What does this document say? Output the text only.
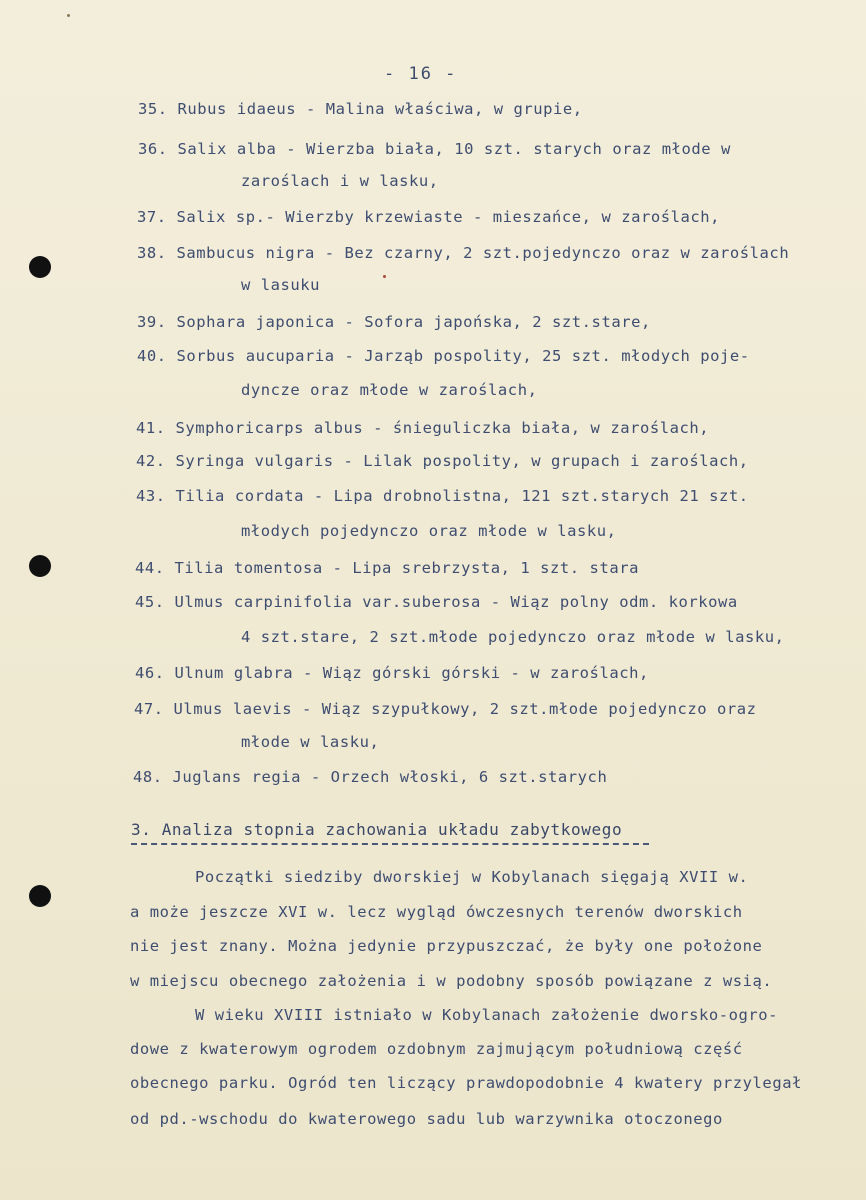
- 16 -
35. Rubus idaeus - Malina właściwa, w grupie,
36. Salix alba - Wierzba biała, 10 szt. starych oraz młode w
zaroślach i w lasku,
37. Salix sp.- Wierzby krzewiaste - mieszańce, w zaroślach,
38. Sambucus nigra - Bez czarny, 2 szt.pojedynczo oraz w zaroślach
w lasuku
39. Sophara japonica - Sofora japońska, 2 szt.stare,
40. Sorbus aucuparia - Jarząb pospolity, 25 szt. młodych poje-
dyncze oraz młode w zaroślach,
41. Symphoricarps albus - śnieguliczka biała, w zaroślach,
42. Syringa vulgaris - Lilak pospolity, w grupach i zaroślach,
43. Tilia cordata - Lipa drobnolistna, 121 szt.starych 21 szt.
młodych pojedynczo oraz młode w lasku,
44. Tilia tomentosa - Lipa srebrzysta, 1 szt. stara
45. Ulmus carpinifolia var.suberosa - Wiąz polny odm. korkowa
4 szt.stare, 2 szt.młode pojedynczo oraz młode w lasku,
46. Ulnum glabra - Wiąz górski górski - w zaroślach,
47. Ulmus laevis - Wiąz szypułkowy, 2 szt.młode pojedynczo oraz
młode w lasku,
48. Juglans regia - Orzech włoski, 6 szt.starych
3. Analiza stopnia zachowania układu zabytkowego
Początki siedziby dworskiej w Kobylanach sięgają XVII w.
a może jeszcze XVI w. lecz wygląd ówczesnych terenów dworskich
nie jest znany. Można jedynie przypuszczać, że były one położone
w miejscu obecnego założenia i w podobny sposób powiązane z wsią.
W wieku XVIII istniało w Kobylanach założenie dworsko-ogro-
dowe z kwaterowym ogrodem ozdobnym zajmującym południową część
obecnego parku. Ogród ten liczący prawdopodobnie 4 kwatery przylegał
od pd.-wschodu do kwaterowego sadu lub warzywnika otoczonego
